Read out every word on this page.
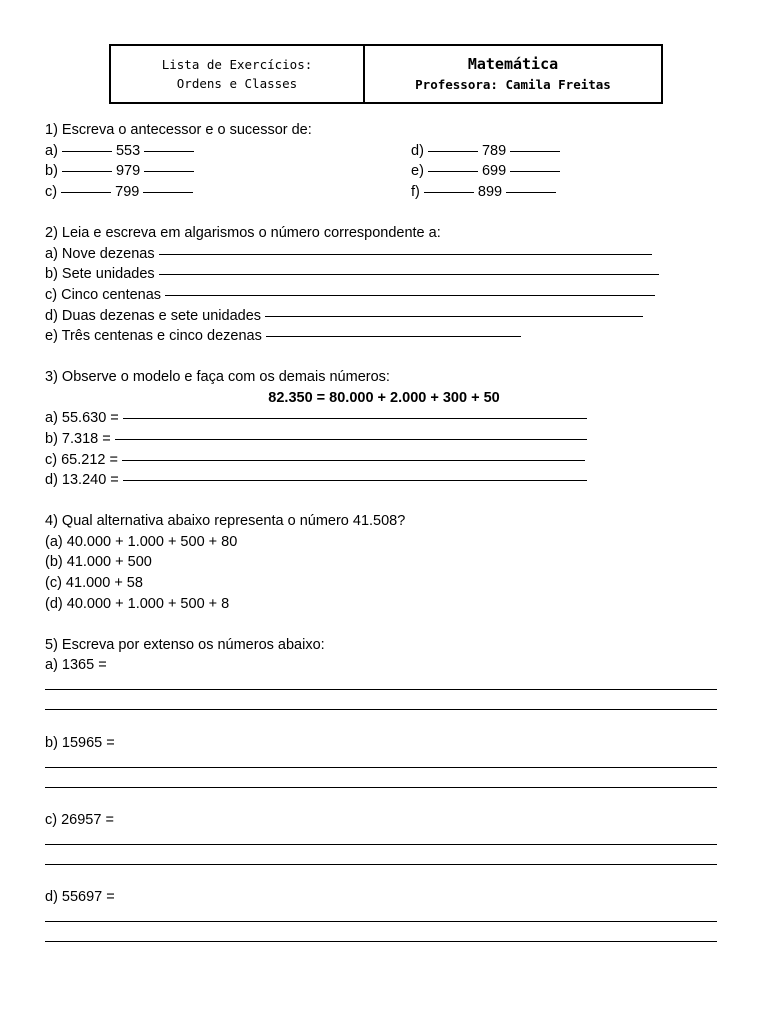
Lista de Exercícios:
Ordens e Classes
Matemática
Professora: Camila Freitas
1) Escreva o antecessor e o sucessor de:
a)	553
b)	979
c)	799
d)	789
e)	699
f)	899
2) Leia e escreva em algarismos o número correspondente a:
a) Nove dezenas
b) Sete unidades
c) Cinco centenas
d) Duas dezenas e sete unidades
e) Três centenas e cinco dezenas
3) Observe o modelo e faça com os demais números:
82.350 = 80.000 + 2.000 + 300 + 50
a) 55.630 =
b) 7.318 =
c) 65.212 =
d) 13.240 =
4) Qual alternativa abaixo representa o número 41.508?
(a) 40.000 + 1.000 + 500 + 80
(b) 41.000 + 500
(c) 41.000 + 58
(d) 40.000 + 1.000 + 500 + 8
5) Escreva por extenso os números abaixo:
a) 1365 =
b) 15965 =
c) 26957 =
d) 55697 =
